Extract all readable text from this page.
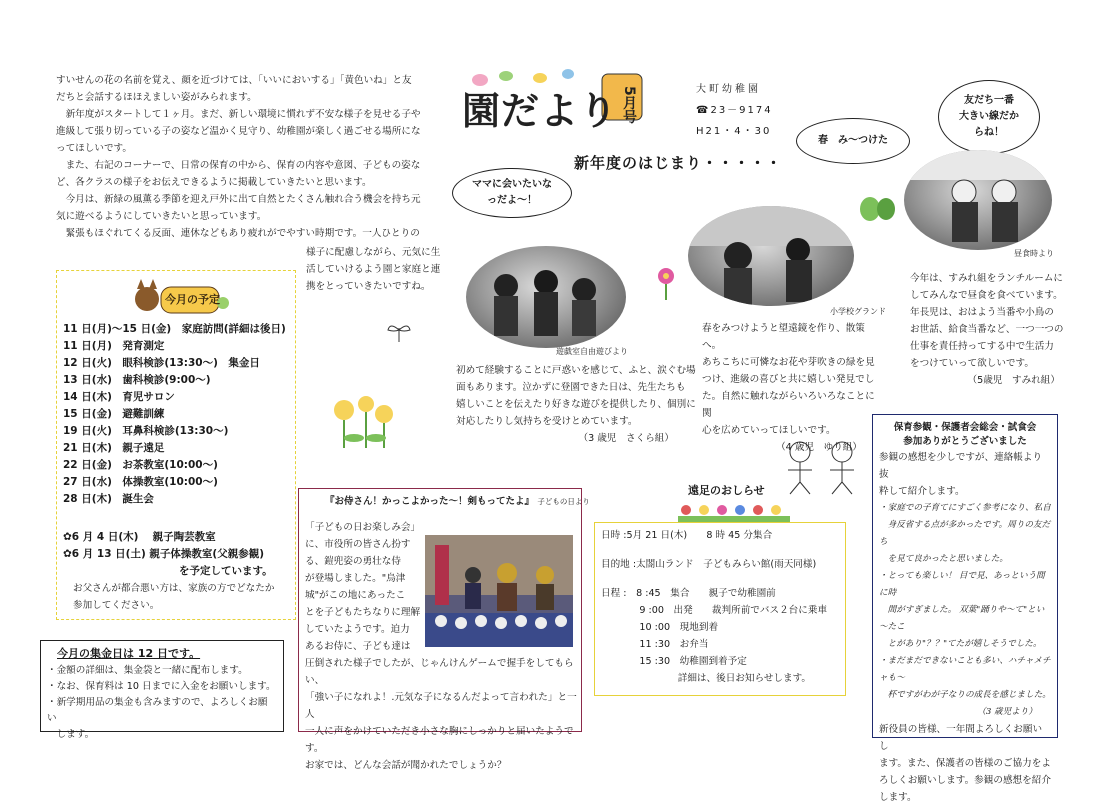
園だより 5月号	大町幼稚園
☎23－9174
H21・4・30

すいせんの花の名前を覚え、顔を近づけては、「いいにおいする」「黄色いね」と友

だちと会話するほほえましい姿がみられます。

　新年度がスタートして１ヶ月。まだ、新しい環境に慣れず不安な様子を見せる子や

進級して張り切っている子の姿など温かく見守り、幼稚園が楽しく過ごせる場所にな

ってほしいです。

　また、右記のコーナーで、日常の保育の中から、保育の内容や意図、子どもの姿な

ど、各クラスの様子をお伝えできるように掲載していきたいと思います。

　今月は、新緑の風薫る季節を迎え戸外に出て自然とたくさん触れ合う機会を持ち元

気に遊べるようにしていきたいと思っています。

　緊張もほぐれてくる反面、連休などもあり疲れがでやすい時期です。一人ひとりの

様子に配慮しながら、元気に生

活していけるよう園と家庭と連

携をとっていきたいですね。

今月の予定

11 日(月)～15 日(金)　家庭訪問(詳細は後日)

11 日(月)　発育測定

12 日(火)　眼科検診(13:30～)　集金日

13 日(水)　歯科検診(9:00～)

14 日(木)　育児サロン

15 日(金)　避難訓練

19 日(火)　耳鼻科検診(13:30～)

21 日(木)　親子遠足

22 日(金)　お茶教室(10:00～)

27 日(水)　体操教室(10:00～)

28 日(木)　誕生会

✿6 月 4 日(木)　 親子陶芸教室

✿6 月 13 日(土) 親子体操教室(父親参観)

を予定しています。

お父さんが都合悪い方は、家族の方でどなたか

参加してください。

今月の集金日は 12 日です。

・金額の詳細は、集金袋と一緒に配布します。

・なお、保育料は 10 日までに入金をお願いします。

・新学期用品の集金も含みますので、よろしくお願い

　します。

新年度のはじまり・・・・・
ママに会いたいな
っだよ～！
春　み～つけた
友だち一番
大きい線だか
らね！
遊戯室自由遊びより
小学校グランド
昼食時より

初めて経験することに戸惑いを感じて、ふと、涙ぐむ場

面もあります。泣かずに登園できた日は、先生たちも

嬉しいことを伝えたり好きな遊びを提供したり、個別に

対応したりし気持ちを受けとめています。

（3 歳児　さくら組）

春をみつけようと望遠鏡を作り、散策へ。

あちこちに可憐なお花や芽吹きの緑を見

つけ、進級の喜びと共に嬉しい発見でし

た。自然に触れながらいろいろなことに関

心を広めていってほしいです。

（4 歳児　ゆり組）

今年は、すみれ組をランチルームに

してみんなで昼食を食べています。

年長児は、おはよう当番や小鳥の

お世話、給食当番など、一つ一つの

仕事を責任持ってする中で生活力

をつけていって欲しいです。

（5歳児　すみれ組）

『お侍さん！かっこよかった～！剣もってたよ』 子どもの日より

「子どもの日お楽しみ会」

に、市役所の皆さん扮す

る、鎧兜姿の勇壮な侍

が登場しました。"烏津

城"がこの地にあったこ

とを子どもたちなりに理解

していたようです。迫力

あるお侍に、子ども達は

圧倒された様子でしたが、じゃんけんゲームで握手をしてもらい、

「強い子になれよ！.元気な子になるんだよって言われた」と一人

一人に声をかけていただき小さな胸にしっかりと届いたようです。

お家では、どんな会話が聞かれたでしょうか？

遠足のおしらせ

日時 :5月 21 日(木)　　8 時 45 分集合

目的地 :太閤山ランド　子どもみらい館(雨天同様)

日程 :　8 :45　集合　　親子で幼稚園前

　　　　9 :00　出発　　裁判所前でバス２台に乗車

　　　　10 :00　現地到着

　　　　11 :30　お弁当

　　　　15 :30　幼稚園到着予定

　　　　　　　　詳細は、後日お知らせします。

保育参観・保護者会総会・試食会
参加ありがとうございました

参観の感想を少しですが、連絡帳より抜

粋して紹介します。

・家庭での子育てにすごく参考になり、私自

　身反省する点が多かったです。周りの友だち

　を見て良かったと思いました。

・とっても楽しい！ 目で見、あっという間に時

　間がすぎました。 双葉"踊りや～て"とい～たこ

　とがあり"？？"てたが嬉しそうでした。

・まだまだできないことも多い、ハチャメチャも～

　杯ですがわが子なりの成長を感じました。

（3 歳児より）

新役員の皆様、一年間よろしくお願いし

ます。また、保護者の皆様のご協力をよ

ろしくお願いします。参観の感想を紹介

します。
